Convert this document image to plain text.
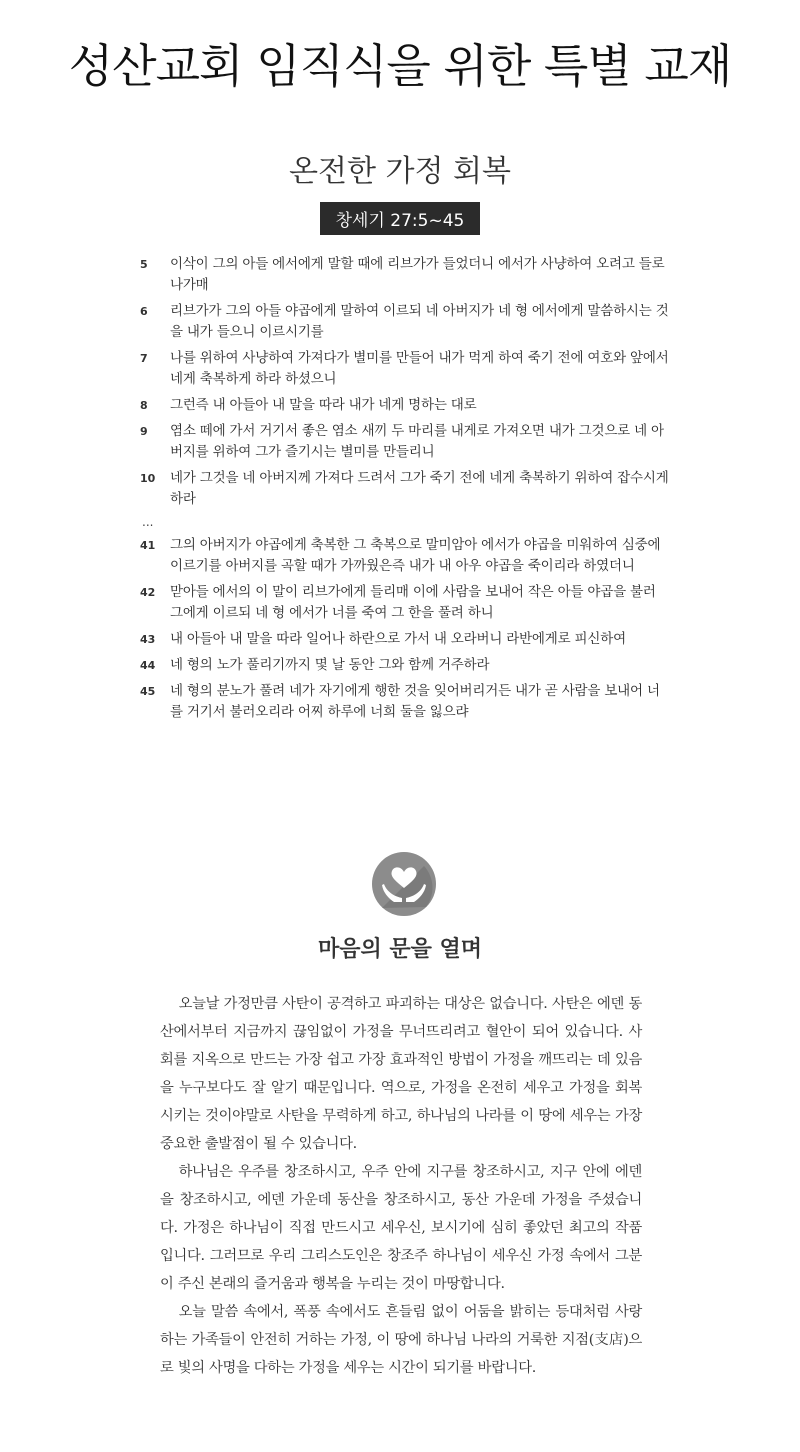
성산교회 임직식을 위한 특별 교재
온전한 가정 회복
창세기 27:5~45
5	이삭이 그의 아들 에서에게 말할 때에 리브가가 들었더니 에서가 사냥하여 오려고 들로 나가매
6	리브가가 그의 아들 야곱에게 말하여 이르되 네 아버지가 네 형 에서에게 말씀하시는 것을 내가 들으니 이르시기를
7	나를 위하여 사냥하여 가져다가 별미를 만들어 내가 먹게 하여 죽기 전에 여호와 앞에서 네게 축복하게 하라 하셨으니
8	그런즉 내 아들아 내 말을 따라 내가 네게 명하는 대로
9	염소 떼에 가서 거기서 좋은 염소 새끼 두 마리를 내게로 가져오면 내가 그것으로 네 아버지를 위하여 그가 즐기시는 별미를 만들리니
10	네가 그것을 네 아버지께 가져다 드려서 그가 죽기 전에 네게 축복하기 위하여 잡수시게 하라
...
41	그의 아버지가 야곱에게 축복한 그 축복으로 말미암아 에서가 야곱을 미워하여 심중에 이르기를 아버지를 곡할 때가 가까웠은즉 내가 내 아우 야곱을 죽이리라 하였더니
42	맏아들 에서의 이 말이 리브가에게 들리매 이에 사람을 보내어 작은 아들 야곱을 불러 그에게 이르되 네 형 에서가 너를 죽여 그 한을 풀려 하니
43	내 아들아 내 말을 따라 일어나 하란으로 가서 내 오라버니 라반에게로 피신하여
44	네 형의 노가 풀리기까지 몇 날 동안 그와 함께 거주하라
45	네 형의 분노가 풀려 네가 자기에게 행한 것을 잊어버리거든 내가 곧 사람을 보내어 너를 거기서 불러오리라 어찌 하루에 너희 둘을 잃으랴
마음의 문을 열며

오늘날 가정만큼 사탄이 공격하고 파괴하는 대상은 없습니다. 사탄은 에덴 동산에서부터 지금까지 끊임없이 가정을 무너뜨리려고 혈안이 되어 있습니다. 사회를 지옥으로 만드는 가장 쉽고 가장 효과적인 방법이 가정을 깨뜨리는 데 있음을 누구보다도 잘 알기 때문입니다. 역으로, 가정을 온전히 세우고 가정을 회복시키는 것이야말로 사탄을 무력하게 하고, 하나님의 나라를 이 땅에 세우는 가장 중요한 출발점이 될 수 있습니다.

하나님은 우주를 창조하시고, 우주 안에 지구를 창조하시고, 지구 안에 에덴을 창조하시고, 에덴 가운데 동산을 창조하시고, 동산 가운데 가정을 주셨습니다. 가정은 하나님이 직접 만드시고 세우신, 보시기에 심히 좋았던 최고의 작품입니다. 그러므로 우리 그리스도인은 창조주 하나님이 세우신 가정 속에서 그분이 주신 본래의 즐거움과 행복을 누리는 것이 마땅합니다.

오늘 말씀 속에서, 폭풍 속에서도 흔들림 없이 어둠을 밝히는 등대처럼 사랑하는 가족들이 안전히 거하는 가정, 이 땅에 하나님 나라의 거룩한 지점(支店)으로 빛의 사명을 다하는 가정을 세우는 시간이 되기를 바랍니다.
